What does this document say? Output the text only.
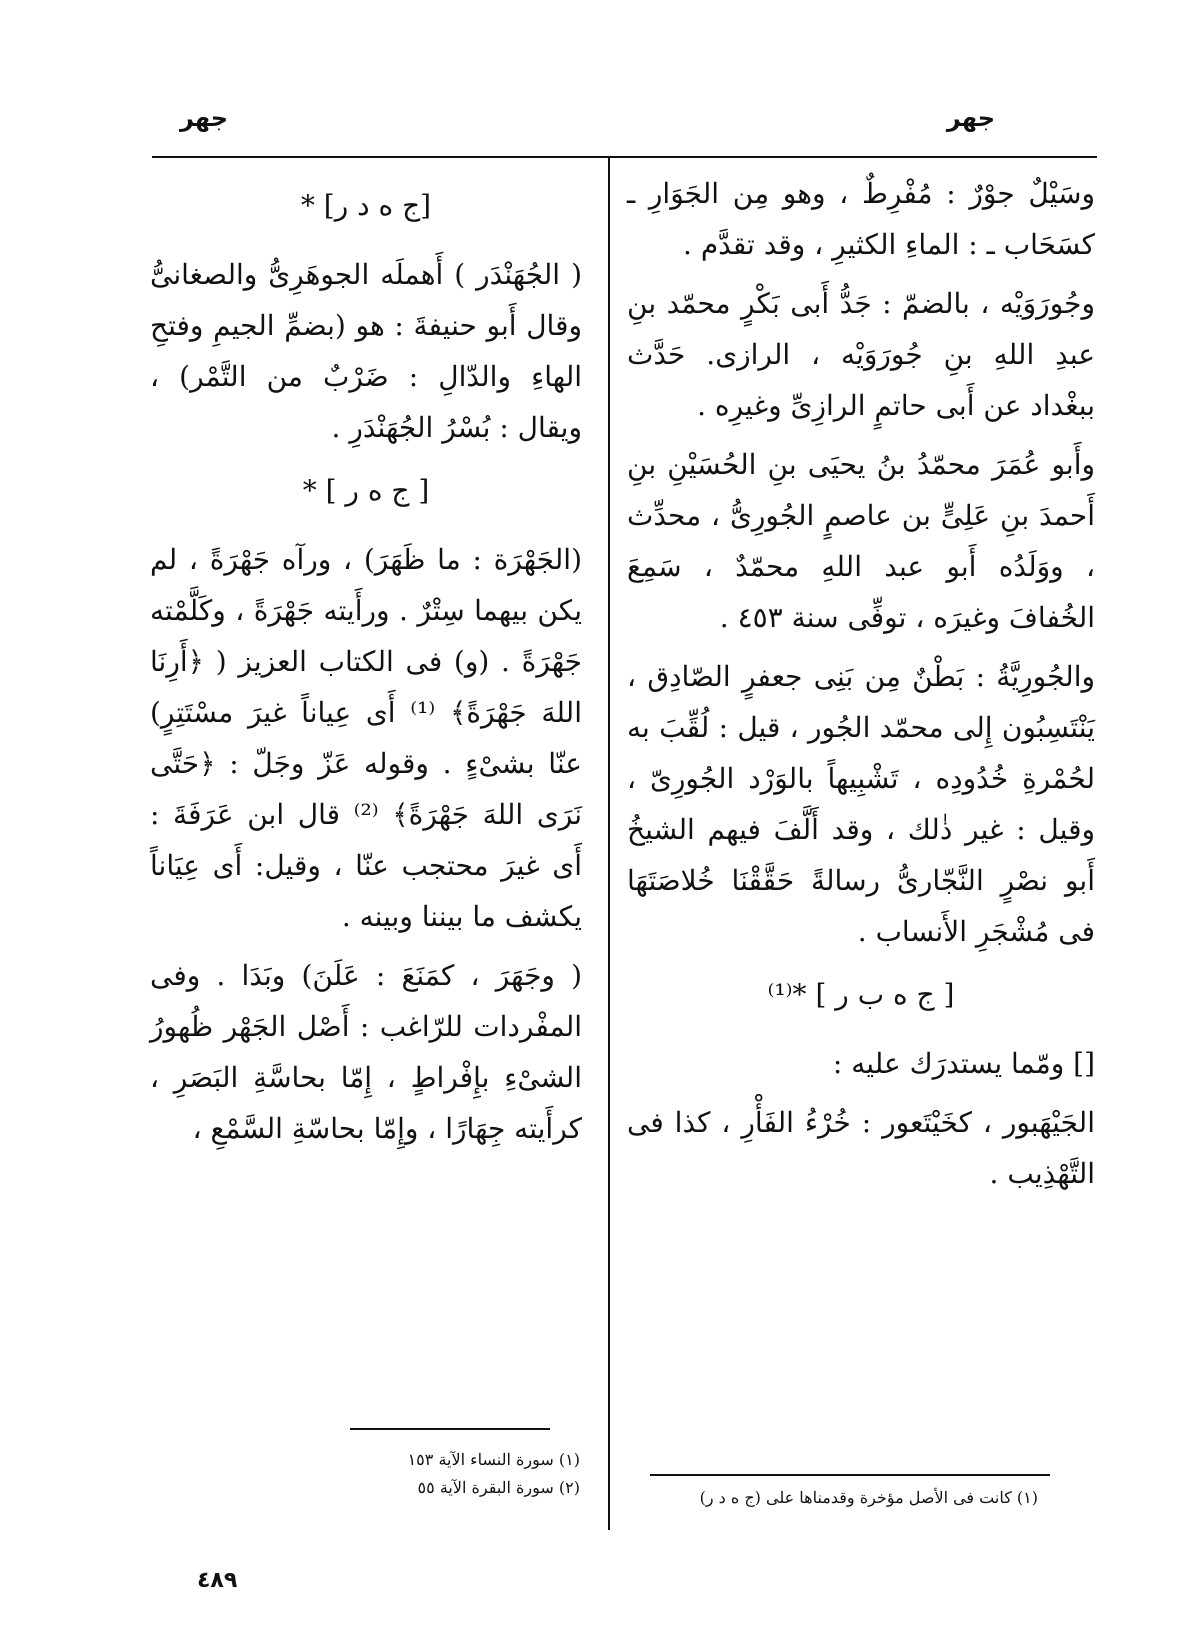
جهر
جهر

وسَيْلٌ جوْرٌ : مُفْرِطٌ ، وهو مِن الجَوَارِ ـ كسَحَاب ـ : الماءِ الكثيرِ ، وقد تقدَّم .

وجُورَوَيْه ، بالضمّ : جَدُّ أَبى بَكْرٍ محمّد بنِ عبدِ اللهِ بنِ جُورَوَيْه ، الرازى. حَدَّث ببغْداد عن أَبى حاتمٍ الرازِىِّ وغيرِه .

وأَبو عُمَرَ محمّدُ بنُ يحيَى بنِ الحُسَيْنِ بنِ أَحمدَ بنِ عَلِىٍّ بن عاصمٍ الجُورِىُّ ، محدِّث ، ووَلَدُه أَبو عبد اللهِ محمّدٌ ، سَمِعَ الخُفافَ وغيرَه ، توفِّى سنة ٤٥٣ .

والجُورِيَّةُ : بَطْنٌ مِن بَنِى جعفرٍ الصّادِق ، يَنْتَسِبُون إِلى محمّد الجُور ، قيل : لُقِّبَ به لحُمْرةِ خُدُودِه ، تَشْبِيهاً بالوَرْد الجُورِىّ ، وقيل : غير ذٰلك ، وقد أَلَّفَ فيهم الشيخُ أَبو نصْرٍ النَّجّارىُّ رسالةً حَقَّقْنَا خُلاصَتَهَا فى مُشْجَرِ الأَنساب .

[ ج ه ب ر ] *⁽¹⁾

[] ومّما يستدرَك عليه :

الجَيْهَبور ، كخَيْتَعور : خُرْءُ الفَأْرِ ، كذا فى التَّهْذِيب .

[ج ه د ر] *

( الجُهَنْدَر ) أَهملَه الجوهَرِىُّ والصغانىُّ وقال أَبو حنيفةَ : هو (بضمِّ الجيمِ وفتحِ الهاءِ والدّالِ : ضَرْبٌ من التَّمْر) ، ويقال : بُسْرُ الجُهَنْدَرِ .

[ ج ه ر ] *

(الجَهْرَة : ما ظَهَرَ) ، ورآه جَهْرَةً ، لم يكن بيهما سِتْرٌ . ورأَيته جَهْرَةً ، وكَلَّمْته جَهْرَةً . (و) فى الكتاب العزيز ( ﴿أَرِنَا اللهَ جَهْرَةً﴾ ⁽¹⁾ أَى عِياناً غيرَ مسْتَتِرٍ) عنّا بشىْءٍ . وقوله عَزّ وجَلّ : ﴿حَتَّى نَرَى اللهَ جَهْرَةً﴾ ⁽²⁾ قال ابن عَرَفَةَ : أَى غيرَ محتجب عنّا ، وقيل: أَى عِيَاناً يكشف ما بيننا وبينه .

( وجَهَرَ ، كمَنَعَ : عَلَنَ) وبَدَا . وفى المفْردات للرّاغب : أَصْل الجَهْر ظُهورُ الشىْءِ بإِفْراطٍ ، إِمّا بحاسَّةِ البَصَرِ ، كرأَيته جِهَارًا ، وإِمّا بحاسّةِ السَّمْعِ ،

(١) سورة النساء الآية ١٥٣

(٢) سورة البقرة الآية ٥٥

(١) كانت فى الأصل مؤخرة وقدمناها على (ج ه د ر)

٤٨٩
